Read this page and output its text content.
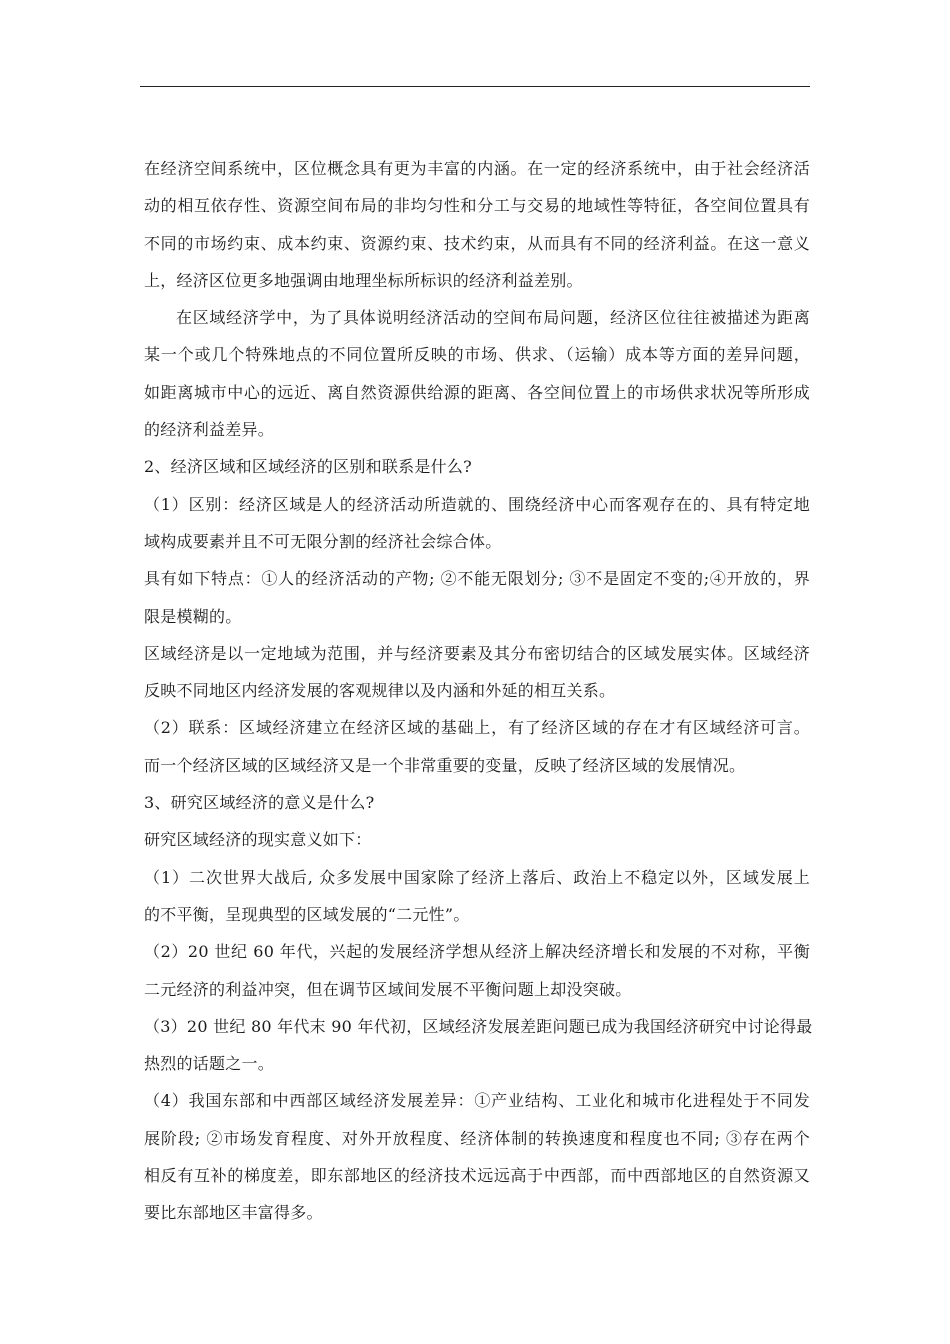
在经济空间系统中，区位概念具有更为丰富的内涵。在一定的经济系统中，由于社会经济活
动的相互依存性、资源空间布局的非均匀性和分工与交易的地域性等特征，各空间位置具有
不同的市场约束、成本约束、资源约束、技术约束，从而具有不同的经济利益。在这一意义
上，经济区位更多地强调由地理坐标所标识的经济利益差别。
在区域经济学中，为了具体说明经济活动的空间布局问题，经济区位往往被描述为距离
某一个或几个特殊地点的不同位置所反映的市场、供求、（运输）成本等方面的差异问题，
如距离城市中心的远近、离自然资源供给源的距离、各空间位置上的市场供求状况等所形成
的经济利益差异。
2、经济区域和区域经济的区别和联系是什么?
（1）区别：经济区域是人的经济活动所造就的、围绕经济中心而客观存在的、具有特定地
域构成要素并且不可无限分割的经济社会综合体。
具有如下特点：①人的经济活动的产物; ②不能无限划分; ③不是固定不变的;④开放的，界
限是模糊的。
区域经济是以一定地域为范围，并与经济要素及其分布密切结合的区域发展实体。区域经济
反映不同地区内经济发展的客观规律以及内涵和外延的相互关系。
（2）联系：区域经济建立在经济区域的基础上，有了经济区域的存在才有区域经济可言。
而一个经济区域的区域经济又是一个非常重要的变量，反映了经济区域的发展情况。
3、研究区域经济的意义是什么?
研究区域经济的现实意义如下：
（1）二次世界大战后, 众多发展中国家除了经济上落后、政治上不稳定以外，区域发展上
的不平衡，呈现典型的区域发展的“二元性”。
（2）20 世纪 60 年代，兴起的发展经济学想从经济上解决经济增长和发展的不对称，平衡
二元经济的利益冲突，但在调节区域间发展不平衡问题上却没突破。
（3）20 世纪 80 年代末 90 年代初，区域经济发展差距问题已成为我国经济研究中讨论得最
热烈的话题之一。
（4）我国东部和中西部区域经济发展差异：①产业结构、工业化和城市化进程处于不同发
展阶段; ②市场发育程度、对外开放程度、经济体制的转换速度和程度也不同; ③存在两个
相反有互补的梯度差，即东部地区的经济技术远远高于中西部，而中西部地区的自然资源又
要比东部地区丰富得多。
